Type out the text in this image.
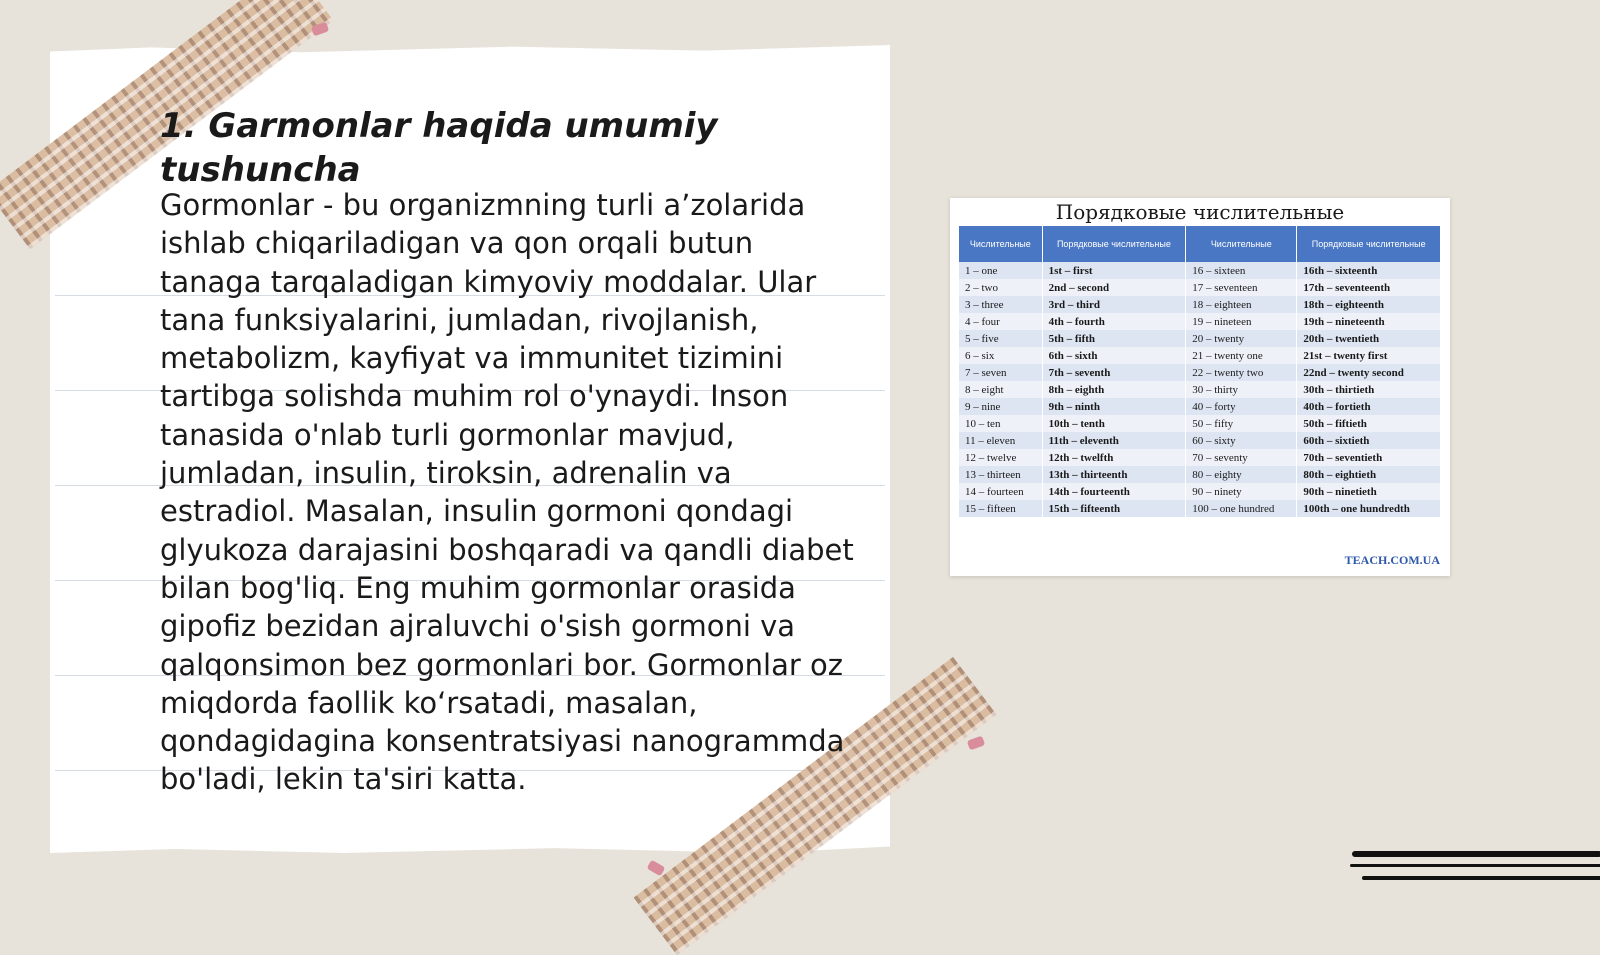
1. Garmonlar haqida umumiy tushuncha

Gormonlar - bu organizmning turli a’zolarida ishlab chiqariladigan va qon orqali butun tanaga tarqaladigan kimyoviy moddalar. Ular tana funksiyalarini, jumladan, rivojlanish, metabolizm, kayfiyat va immunitet tizimini tartibga solishda muhim rol o'ynaydi. Inson tanasida o'nlab turli gormonlar mavjud, jumladan, insulin, tiroksin, adrenalin va estradiol. Masalan, insulin gormoni qondagi glyukoza darajasini boshqaradi va qandli diabet bilan bog'liq. Eng muhim gormonlar orasida gipofiz bezidan ajraluvchi o'sish gormoni va qalqonsimon bez gormonlari bor. Gormonlar oz miqdorda faollik ko‘rsatadi, masalan, qondagidagina konsentratsiyasi nanogrammda bo'ladi, lekin ta'siri katta.

Порядковые числительные

Числительные	Порядковые числительные	Числительные	Порядковые числительные
1 – one	1st – first	16 – sixteen	16th – sixteenth
2 – two	2nd – second	17 – seventeen	17th – seventeenth
3 – three	3rd – third	18 – eighteen	18th – eighteenth
4 – four	4th – fourth	19 – nineteen	19th – nineteenth
5 – five	5th – fifth	20 – twenty	20th – twentieth
6 – six	6th – sixth	21 – twenty one	21st – twenty first
7 – seven	7th – seventh	22 – twenty two	22nd – twenty second
8 – eight	8th – eighth	30 – thirty	30th – thirtieth
9 – nine	9th – ninth	40 – forty	40th – fortieth
10 – ten	10th – tenth	50 – fifty	50th – fiftieth
11 – eleven	11th – eleventh	60 – sixty	60th – sixtieth
12 – twelve	12th – twelfth	70 – seventy	70th – seventieth
13 – thirteen	13th – thirteenth	80 – eighty	80th – eightieth
14 – fourteen	14th – fourteenth	90 – ninety	90th – ninetieth
15 – fifteen	15th – fifteenth	100 – one hundred	100th – one hundredth

TEACH.COM.UA
